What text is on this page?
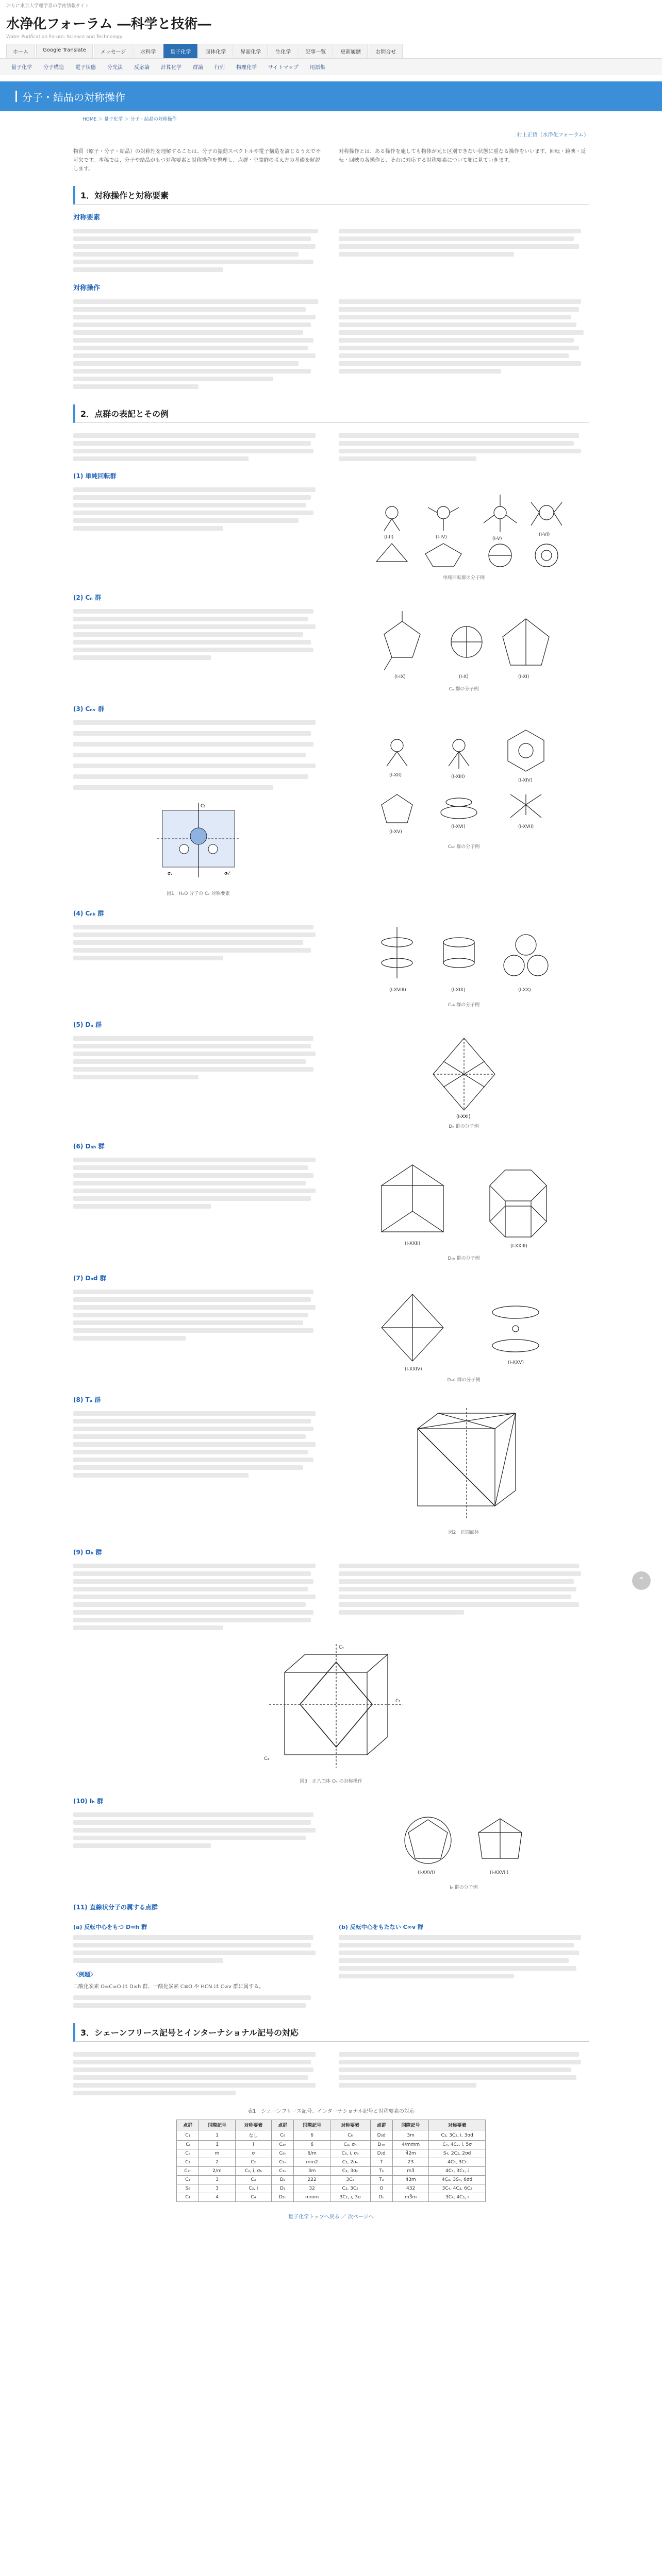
おもに東京大学理学系の学術情報サイト
水浄化フォーラム ―科学と技術―
Water Purification Forum: Science and Technology
ホーム	Google Translate	メッセージ	水科学	量子化学	固体化学	界面化学	生化学	記事一覧	更新履歴	お問合せ
量子化学	分子構造	電子状態	分光法	反応論	計算化学	群論	行列	物理化学	サイトマップ	用語集
分子・結晶の対称操作
HOME ＞ 量子化学 ＞ 分子・結晶の対称操作
村上正悟（水浄化フォーラム）

物質（原子・分子・結晶）の対称性を理解することは、分子の振動スペクトルや電子構造を論じるうえで不可欠です。本稿では、分子や結晶がもつ対称要素と対称操作を整理し、点群・空間群の考え方の基礎を解説します。

対称操作とは、ある操作を施しても物体が元と区別できない状態に重なる操作をいいます。回転・鏡映・反転・回映の各操作と、それに対応する対称要素について順に見ていきます。

1．対称操作と対称要素
対称要素
対称操作
2．点群の表記とその例
(1) 単純回転群
(I-II)	(I-IV)	(I-V)
(I-VI)
単純回転群の分子例
(2) Cₙ 群
(I-IX)	(I-X)	(I-XI)
Cₙ 群の分子例
(3) Cₙᵥ 群
C₂
σᵥ	σᵥ'
図1　H₂O 分子の Cᵥ 対称要素
(I-XII)	(I-XIII)
(I-XIV)
(I-XV)
(I-XVI)	(I-XVII)
Cₙᵥ 群の分子例
(4) Cₙₕ 群
(I-XVIII)	(I-XIX)	(I-XX)
Cₙₕ 群の分子例
(5) Dₙ 群
(I-XXI)
Dₙ 群の分子例
(6) Dₙₕ 群
(I-XXII)	(I-XXIII)
Dₙₕ 群の分子例
(7) Dₙd 群
(I-XXIV)
(I-XXV)
Dₙd 群の分子例
(8) Tₐ 群
図2　正四面体
(9) Oₕ 群
C₄
C₂
C₃
図3　正八面体 Oₕ の対称操作
(10) Iₕ 群
(I-XXVI)	(I-XXVII)
Iₕ 群の分子例
(11) 直線状分子の属する点群
(a) 反転中心をもつ D∞h 群
〈例題〉

二酸化炭素 O=C=O は D∞h 群、一酸化炭素 C≡O や HCN は C∞v 群に属する。

(b) 反転中心をもたない C∞v 群
3．シェーンフリース記号とインターナショナル記号の対応
表1　シェーンフリース記号、インターナショナル記号と対称要素の対応
点群	国際記号	対称要素	点群	国際記号	対称要素	点群	国際記号	対称要素
C₁	1	なし	C₆	6	C₆	D₃d	3m	C₃, 3C₂, i, 3σd
Cᵢ	1̄	i	C₃ₕ	6̄	C₃, σₕ	D₄ₕ	4/mmm	C₄, 4C₂, i, 5σ
Cₛ	m	σ	C₆ₕ	6/m	C₆, i, σₕ	D₂d	4̄2m	S₄, 2C₂, 2σd
C₂	2	C₂	C₂ᵥ	mm2	C₂, 2σᵥ	T	23	4C₃, 3C₂
C₂ₕ	2/m	C₂, i, σₕ	C₃ᵥ	3m	C₃, 3σᵥ	Tₕ	m3̄	4C₃, 3C₂, i
C₃	3	C₃	D₂	222	3C₂	Tₐ	4̄3m	4C₃, 3S₄, 6σd
S₆	3̄	C₃, i	D₃	32	C₃, 3C₂	O	432	3C₄, 4C₃, 6C₂
C₄	4	C₄	D₂ₕ	mmm	3C₂, i, 3σ	Oₕ	m3̄m	3C₄, 4C₃, i
量子化学トップへ戻る ／ 次ページへ
⌃
